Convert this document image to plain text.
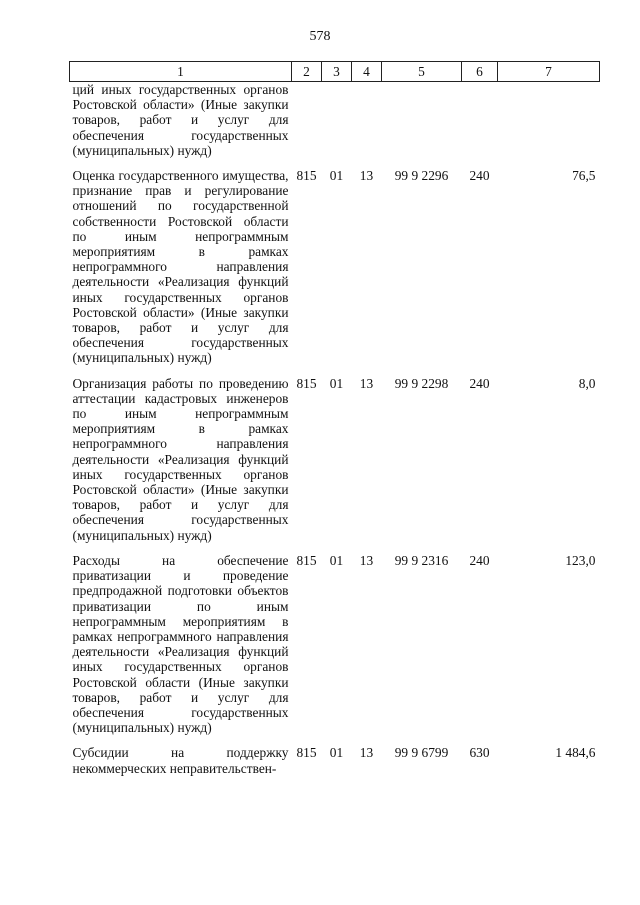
578
1	2	3	4	5	6	7
ций иных государственных органов Ростовской области» (Иные закупки товаров, работ и услуг для обеспечения государственных (муниципальных) нужд)						
Оценка государственного имущества, признание прав и регулирование отношений по государственной собственности Ростовской области по иным непрограммным мероприятиям в рамках непрограммного направления деятельности «Реализация функций иных государственных органов Ростовской области» (Иные закупки товаров, работ и услуг для обеспечения государственных (муниципальных) нужд)	815	01	13	99 9 2296	240	76,5
Организация работы по проведению аттестации кадастровых инженеров по иным непрограммным мероприятиям в рамках непрограммного направления деятельности «Реализация функций иных государственных органов Ростовской области» (Иные закупки товаров, работ и услуг для обеспечения государственных (муниципальных) нужд)	815	01	13	99 9 2298	240	8,0
Расходы на обеспечение приватизации и проведение предпродажной подготовки объектов приватизации по иным непрограммным мероприятиям в рамках непрограммного направления деятельности «Реализация функций иных государственных органов Ростовской области (Иные закупки товаров, работ и услуг для обеспечения государственных (муниципальных) нужд)	815	01	13	99 9 2316	240	123,0
Субсидии на поддержку некоммерческих неправительствен-	815	01	13	99 9 6799	630	1 484,6
